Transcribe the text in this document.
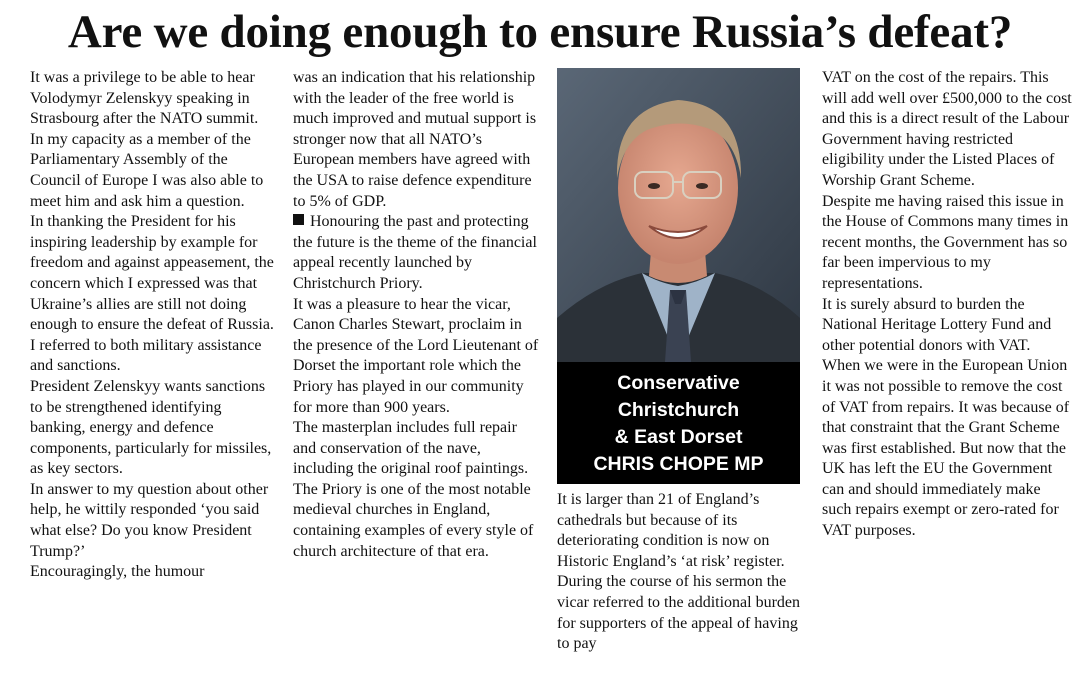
Are we doing enough to ensure Russia’s defeat?

It was a privilege to be able to hear Volodymyr Zelenskyy speaking in Strasbourg after the NATO summit.

In my capacity as a member of the Parliamentary Assembly of the Council of Europe I was also able to meet him and ask him a question.

In thanking the President for his inspiring leadership by example for freedom and against appeasement, the concern which I expressed was that Ukraine’s allies are still not doing enough to ensure the defeat of Russia.

I referred to both military assistance and sanctions.

President Zelenskyy wants sanctions to be strengthened identifying banking, energy and defence components, particularly for missiles, as key sectors.

In answer to my question about other help, he wittily responded ‘you said what else? Do you know President Trump?’

Encouragingly, the humour

was an indication that his relationship with the leader of the free world is much improved and mutual support is stronger now that all NATO’s European members have agreed with the USA to raise defence expenditure to 5% of GDP.

Honouring the past and protecting the future is the theme of the financial appeal recently launched by Christchurch Priory.

It was a pleasure to hear the vicar, Canon Charles Stewart, proclaim in the presence of the Lord Lieutenant of Dorset the important role which the Priory has played in our community for more than 900 years.

The masterplan includes full repair and conservation of the nave, including the original roof paintings.

The Priory is one of the most notable medieval churches in England, containing examples of every style of church architecture of that era.

Conservative
Christchurch
& East Dorset
CHRIS CHOPE MP

It is larger than 21 of England’s cathedrals but because of its deteriorating condition is now on Historic England’s ‘at risk’ register.

During the course of his sermon the vicar referred to the additional burden for supporters of the appeal of having to pay

VAT on the cost of the repairs. This will add well over £500,000 to the cost and this is a direct result of the Labour Government having restricted eligibility under the Listed Places of Worship Grant Scheme.

Despite me having raised this issue in the House of Commons many times in recent months, the Government has so far been impervious to my representations.

It is surely absurd to burden the National Heritage Lottery Fund and other potential donors with VAT.

When we were in the European Union it was not possible to remove the cost of VAT from repairs. It was because of that constraint that the Grant Scheme was first established. But now that the UK has left the EU the Government can and should immediately make such repairs exempt or zero-rated for VAT purposes.
